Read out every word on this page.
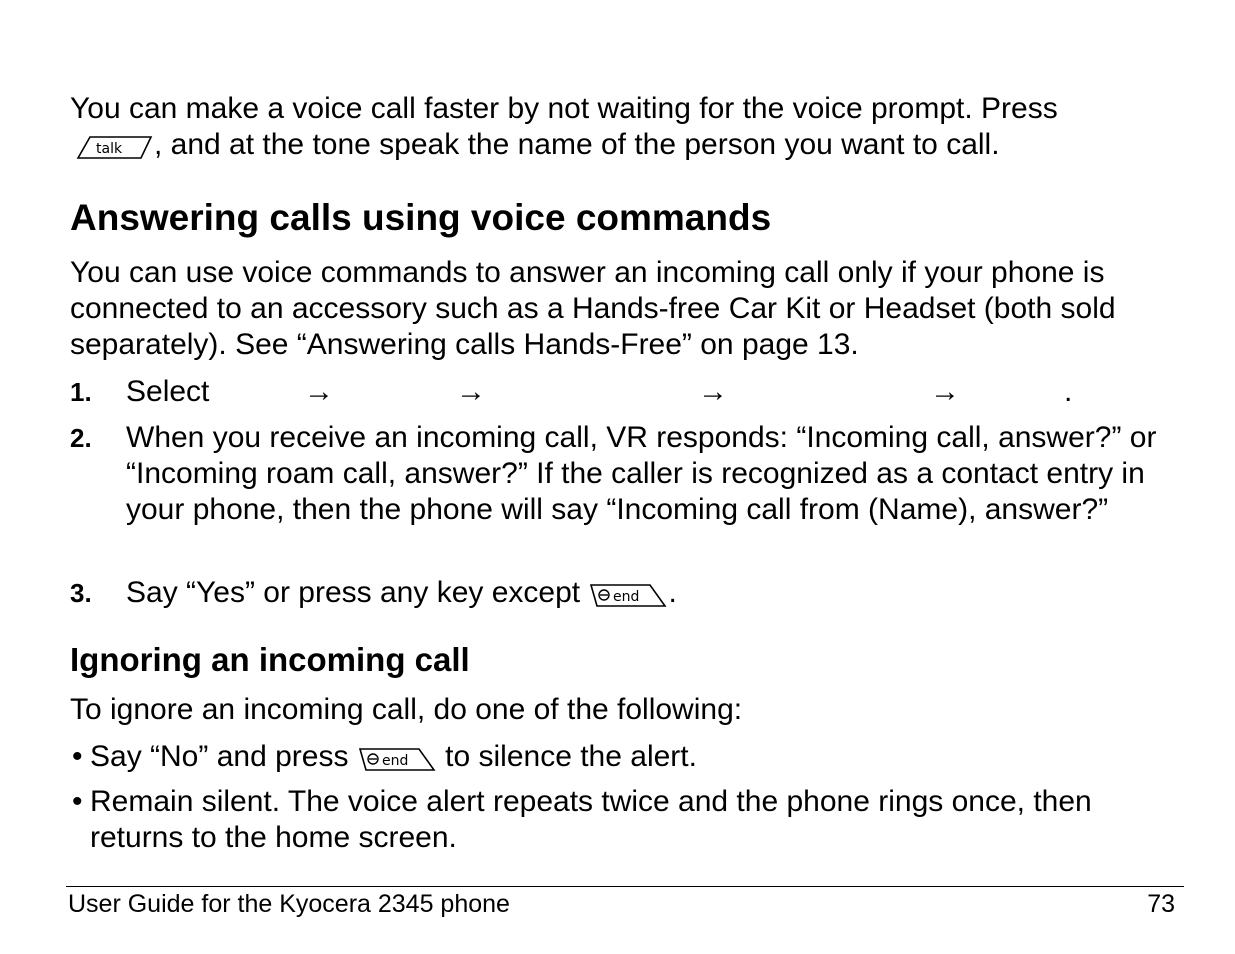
You can make a voice call faster by not waiting for the voice prompt. Press
talk , and at the tone speak the name of the person you want to call.
Answering calls using voice commands
You can use voice commands to answer an incoming call only if your phone is connected to an accessory such as a Hands-free Car Kit or Headset (both sold separately). See “Answering calls Hands-Free” on page 13.
1. Select	→	→	→	→	.
2. When you receive an incoming call, VR responds: “Incoming call, answer?” or “Incoming roam call, answer?” If the caller is recognized as a contact entry in your phone, then the phone will say “Incoming call from (Name), answer?”
3. Say “Yes” or press any key except end .
Ignoring an incoming call
To ignore an incoming call, do one of the following:
• Say “No” and press end to silence the alert.
• Remain silent. The voice alert repeats twice and the phone rings once, then returns to the home screen.
User Guide for the Kyocera 2345 phone	73
